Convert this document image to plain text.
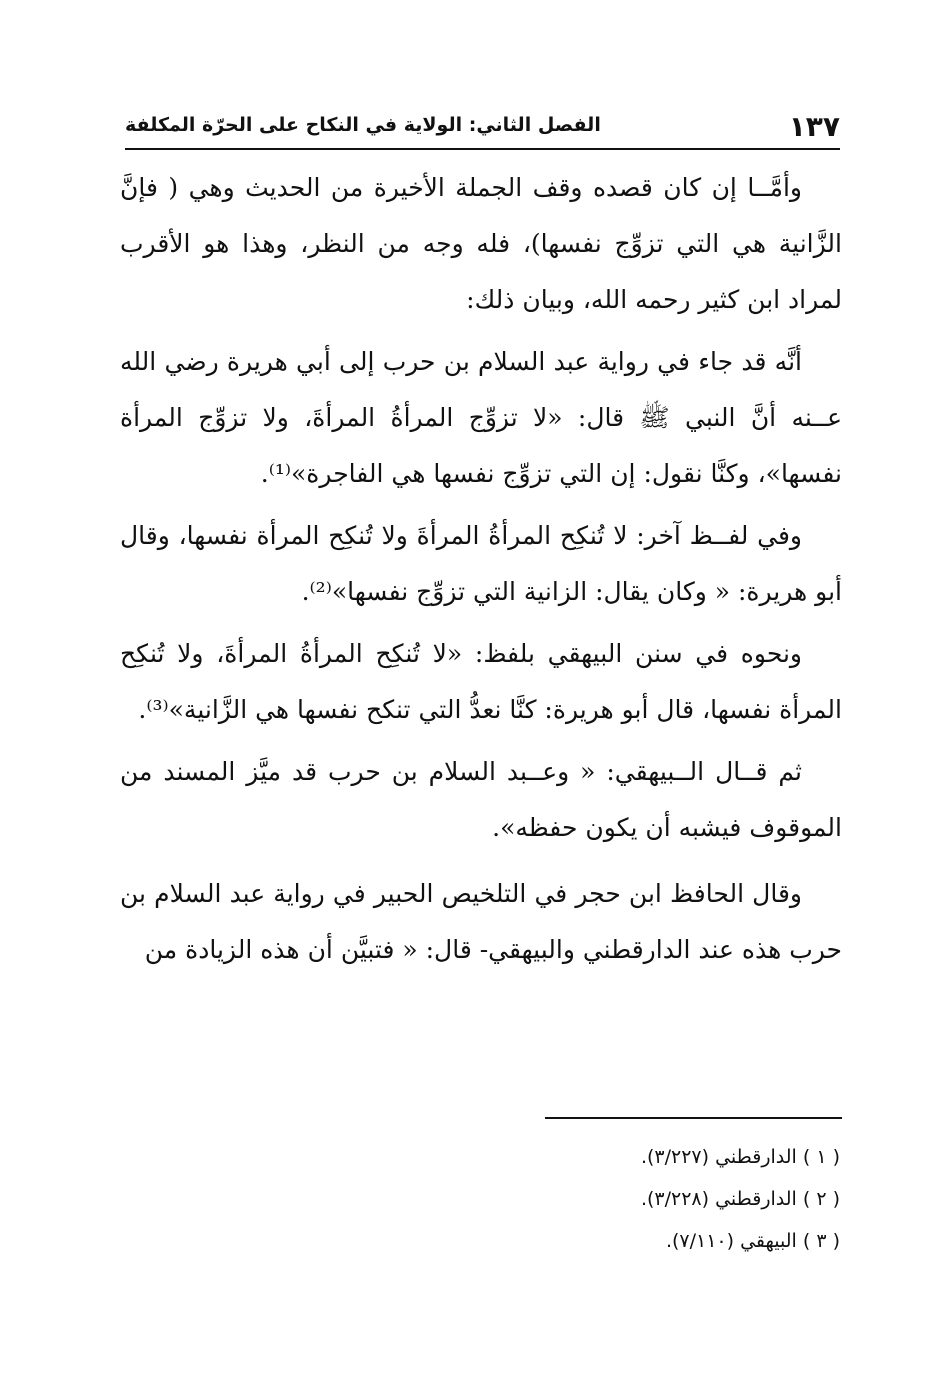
١٣٧
الفصل الثاني: الولاية في النكاح على الحرّة المكلفة

وأمَّــا إن كان قصده وقف الجملة الأخيرة من الحديث وهي ( فإنَّ الزَّانية هي التي تزوِّج نفسها)، فله وجه من النظر، وهذا هو الأقرب لمراد ابن كثير رحمه الله، وبيان ذلك:

أنَّه قد جاء في رواية عبد السلام بن حرب إلى أبي هريرة رضي الله عــنه أنَّ النبي ﷺ قال: «لا تزوِّج المرأةُ المرأةَ، ولا تزوِّج المرأة نفسها»، وكنَّا نقول: إن التي تزوِّج نفسها هي الفاجرة»⁽¹⁾.

وفي لفــظ آخر: لا تُنكِح المرأةُ المرأةَ ولا تُنكِح المرأة نفسها، وقال أبو هريرة: « وكان يقال: الزانية التي تزوِّج نفسها»⁽²⁾.

ونحوه في سنن البيهقي بلفظ: «لا تُنكِح المرأةُ المرأةَ، ولا تُنكِح المرأة نفسها، قال أبو هريرة: كنَّا نعدُّ التي تنكح نفسها هي الزَّانية»⁽³⁾.

ثم قــال الــبيهقي: « وعــبد السلام بن حرب قد ميَّز المسند من الموقوف فيشبه أن يكون حفظه».

وقال الحافظ ابن حجر في التلخيص الحبير في رواية عبد السلام بن حرب هذه عند الدارقطني والبيهقي- قال: « فتبيَّن أن هذه الزيادة من

( ١ ) الدارقطني (٣/٢٢٧).
( ٢ ) الدارقطني (٣/٢٢٨).
( ٣ ) البيهقي (٧/١١٠).
